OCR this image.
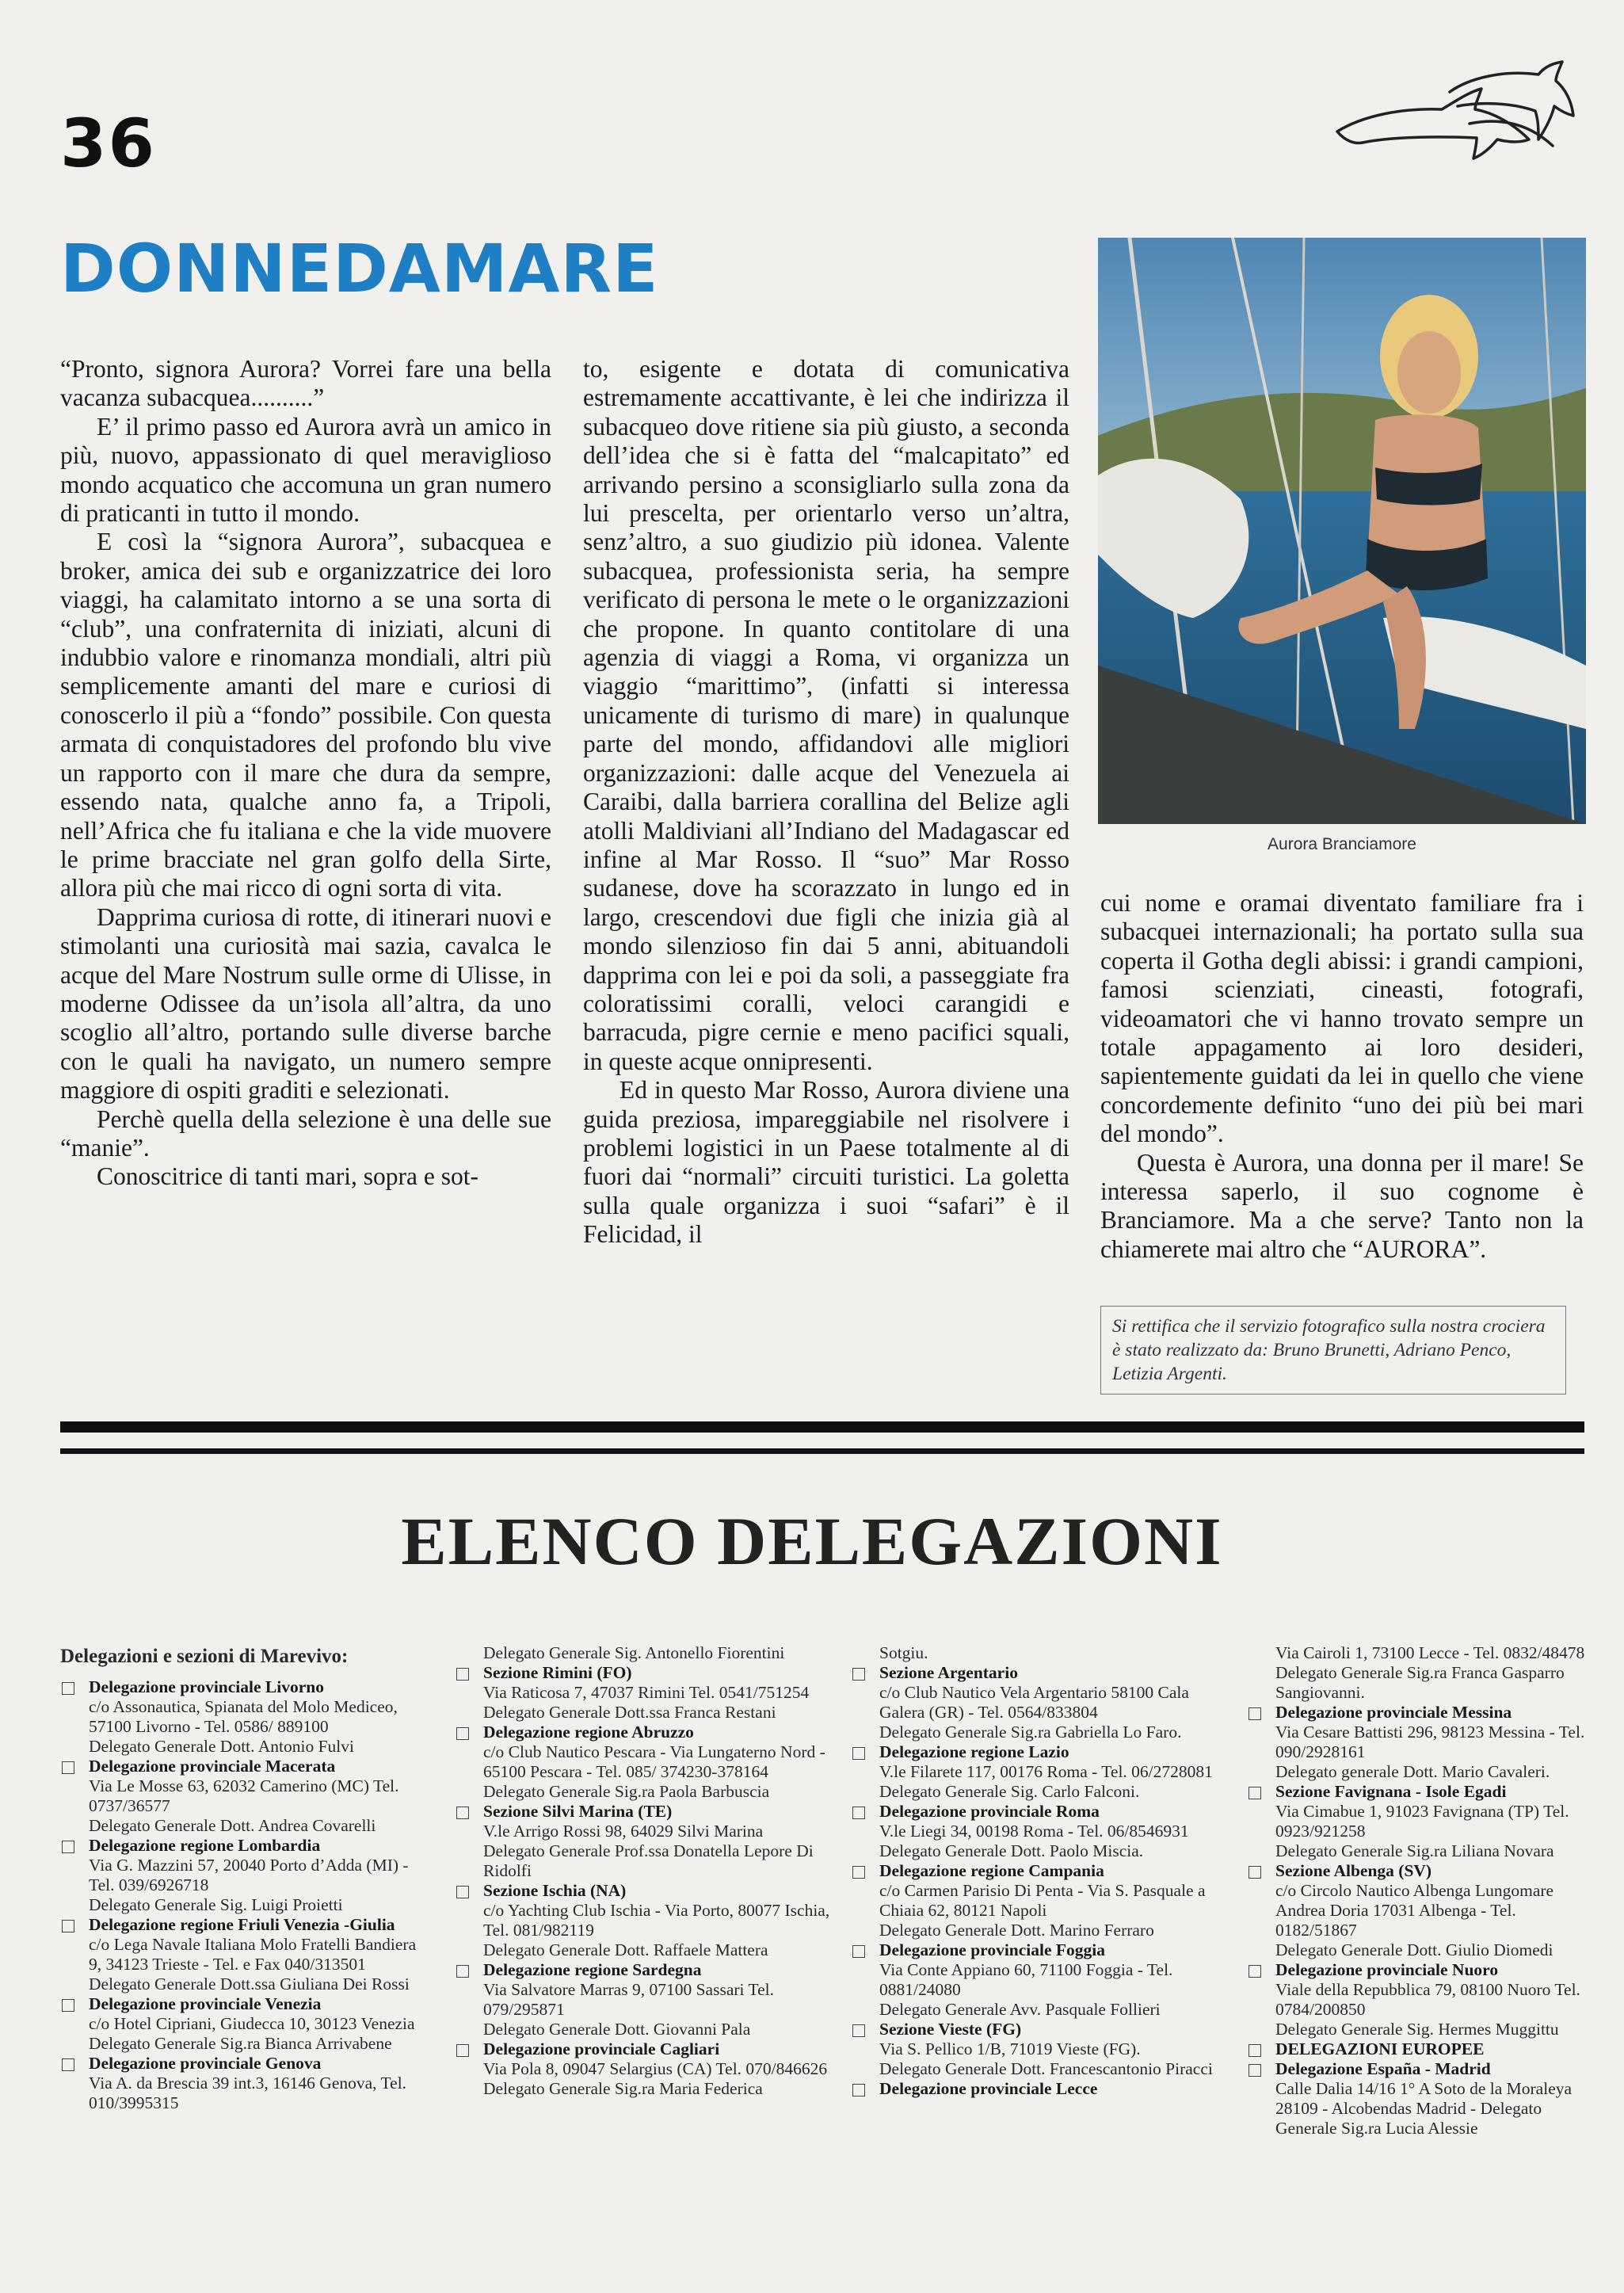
36
DONNEDAMARE

“Pronto, signora Aurora? Vorrei fare una bella vacanza subacquea..........”

E’ il primo passo ed Aurora avrà un amico in più, nuovo, appassionato di quel meraviglioso mondo acquatico che accomuna un gran numero di praticanti in tutto il mondo.

E così la “signora Aurora”, subacquea e broker, amica dei sub e organizzatrice dei loro viaggi, ha calamitato intorno a se una sorta di “club”, una confraternita di iniziati, alcuni di indubbio valore e rinomanza mondiali, altri più semplicemente amanti del mare e curiosi di conoscerlo il più a “fondo” possibile. Con questa armata di conquistadores del profondo blu vive un rapporto con il mare che dura da sempre, essendo nata, qualche anno fa, a Tripoli, nell’Africa che fu italiana e che la vide muovere le prime bracciate nel gran golfo della Sirte, allora più che mai ricco di ogni sorta di vita.

Dapprima curiosa di rotte, di itinerari nuovi e stimolanti una curiosità mai sazia, cavalca le acque del Mare Nostrum sulle orme di Ulisse, in moderne Odissee da un’isola all’altra, da uno scoglio all’altro, portando sulle diverse barche con le quali ha navigato, un numero sempre maggiore di ospiti graditi e selezionati.

Perchè quella della selezione è una delle sue “manie”.

Conoscitrice di tanti mari, sopra e sot-

to, esigente e dotata di comunicativa estremamente accattivante, è lei che indirizza il subacqueo dove ritiene sia più giusto, a seconda dell’idea che si è fatta del “malcapitato” ed arrivando persino a sconsigliarlo sulla zona da lui prescelta, per orientarlo verso un’altra, senz’altro, a suo giudizio più idonea. Valente subacquea, professionista seria, ha sempre verificato di persona le mete o le organizzazioni che propone. In quanto contitolare di una agenzia di viaggi a Roma, vi organizza un viaggio “marittimo”, (infatti si interessa unicamente di turismo di mare) in qualunque parte del mondo, affidandovi alle migliori organizzazioni: dalle acque del Venezuela ai Caraibi, dalla barriera corallina del Belize agli atolli Maldiviani all’Indiano del Madagascar ed infine al Mar Rosso. Il “suo” Mar Rosso sudanese, dove ha scorazzato in lungo ed in largo, crescendovi due figli che inizia già al mondo silenzioso fin dai 5 anni, abituandoli dapprima con lei e poi da soli, a passeggiate fra coloratissimi coralli, veloci carangidi e barracuda, pigre cernie e meno pacifici squali, in queste acque onnipresenti.

Ed in questo Mar Rosso, Aurora diviene una guida preziosa, impareggiabile nel risolvere i problemi logistici in un Paese totalmente al di fuori dai “normali” circuiti turistici. La goletta sulla quale organizza i suoi “safari” è il Felicidad, il

Aurora Branciamore

cui nome e oramai diventato familiare fra i subacquei internazionali; ha portato sulla sua coperta il Gotha degli abissi: i grandi campioni, famosi scienziati, cineasti, fotografi, videoamatori che vi hanno trovato sempre un totale appagamento ai loro desideri, sapientemente guidati da lei in quello che viene concordemente definito “uno dei più bei mari del mondo”.

Questa è Aurora, una donna per il mare! Se interessa saperlo, il suo cognome è Branciamore. Ma a che serve? Tanto non la chiamerete mai altro che “AURORA”.

Si rettifica che il servizio fotografico sulla nostra crociera è stato realizzato da: Bruno Brunetti, Adriano Penco, Letizia Argenti.
ELENCO DELEGAZIONI
Delegazioni e sezioni di Marevivo:
Delegazione provinciale Livorno
c/o Assonautica, Spianata del Molo Mediceo, 57100 Livorno - Tel. 0586/ 889100
Delegato Generale Dott. Antonio Fulvi
Delegazione provinciale Macerata
Via Le Mosse 63, 62032 Camerino (MC) Tel. 0737/36577
Delegato Generale Dott. Andrea Covarelli
Delegazione regione Lombardia
Via G. Mazzini 57, 20040 Porto d’Adda (MI) - Tel. 039/6926718
Delegato Generale Sig. Luigi Proietti
Delegazione regione Friuli Venezia -Giulia
c/o Lega Navale Italiana Molo Fratelli Bandiera 9, 34123 Trieste - Tel. e Fax 040/313501
Delegato Generale Dott.ssa Giuliana Dei Rossi
Delegazione provinciale Venezia
c/o Hotel Cipriani, Giudecca 10, 30123 Venezia
Delegato Generale Sig.ra Bianca Arrivabene
Delegazione provinciale Genova
Via A. da Brescia 39 int.3, 16146 Genova, Tel. 010/3995315
Delegato Generale Sig. Antonello Fiorentini
Sezione Rimini (FO)
Via Raticosa 7, 47037 Rimini Tel. 0541/751254
Delegato Generale Dott.ssa Franca Restani
Delegazione regione Abruzzo
c/o Club Nautico Pescara - Via Lungaterno Nord - 65100 Pescara - Tel. 085/ 374230-378164
Delegato Generale Sig.ra Paola Barbuscia
Sezione Silvi Marina (TE)
V.le Arrigo Rossi 98, 64029 Silvi Marina
Delegato Generale Prof.ssa Donatella Lepore Di Ridolfi
Sezione Ischia (NA)
c/o Yachting Club Ischia - Via Porto, 80077 Ischia, Tel. 081/982119
Delegato Generale Dott. Raffaele Mattera
Delegazione regione Sardegna
Via Salvatore Marras 9, 07100 Sassari Tel. 079/295871
Delegato Generale Dott. Giovanni Pala
Delegazione provinciale Cagliari
Via Pola 8, 09047 Selargius (CA) Tel. 070/846626
Delegato Generale Sig.ra Maria Federica
Sotgiu.
Sezione Argentario
c/o Club Nautico Vela Argentario 58100 Cala Galera (GR) - Tel. 0564/833804
Delegato Generale Sig.ra Gabriella Lo Faro.
Delegazione regione Lazio
V.le Filarete 117, 00176 Roma - Tel. 06/2728081
Delegato Generale Sig. Carlo Falconi.
Delegazione provinciale Roma
V.le Liegi 34, 00198 Roma - Tel. 06/8546931
Delegato Generale Dott. Paolo Miscia.
Delegazione regione Campania
c/o Carmen Parisio Di Penta - Via S. Pasquale a Chiaia 62, 80121 Napoli
Delegato Generale Dott. Marino Ferraro
Delegazione provinciale Foggia
Via Conte Appiano 60, 71100 Foggia - Tel. 0881/24080
Delegato Generale Avv. Pasquale Follieri
Sezione Vieste (FG)
Via S. Pellico 1/B, 71019 Vieste (FG).
Delegato Generale Dott. Francescantonio Piracci
Delegazione provinciale Lecce
Via Cairoli 1, 73100 Lecce - Tel. 0832/48478
Delegato Generale Sig.ra Franca Gasparro Sangiovanni.
Delegazione provinciale Messina
Via Cesare Battisti 296, 98123 Messina - Tel. 090/2928161
Delegato generale Dott. Mario Cavaleri.
Sezione Favignana - Isole Egadi
Via Cimabue 1, 91023 Favignana (TP) Tel. 0923/921258
Delegato Generale Sig.ra Liliana Novara
Sezione Albenga (SV)
c/o Circolo Nautico Albenga Lungomare Andrea Doria 17031 Albenga - Tel. 0182/51867
Delegato Generale Dott. Giulio Diomedi
Delegazione provinciale Nuoro
Viale della Repubblica 79, 08100 Nuoro Tel. 0784/200850
Delegato Generale Sig. Hermes Muggittu
DELEGAZIONI EUROPEE
Delegazione España - Madrid
Calle Dalia 14/16 1° A Soto de la Moraleya 28109 - Alcobendas Madrid - Delegato Generale Sig.ra Lucia Alessie
